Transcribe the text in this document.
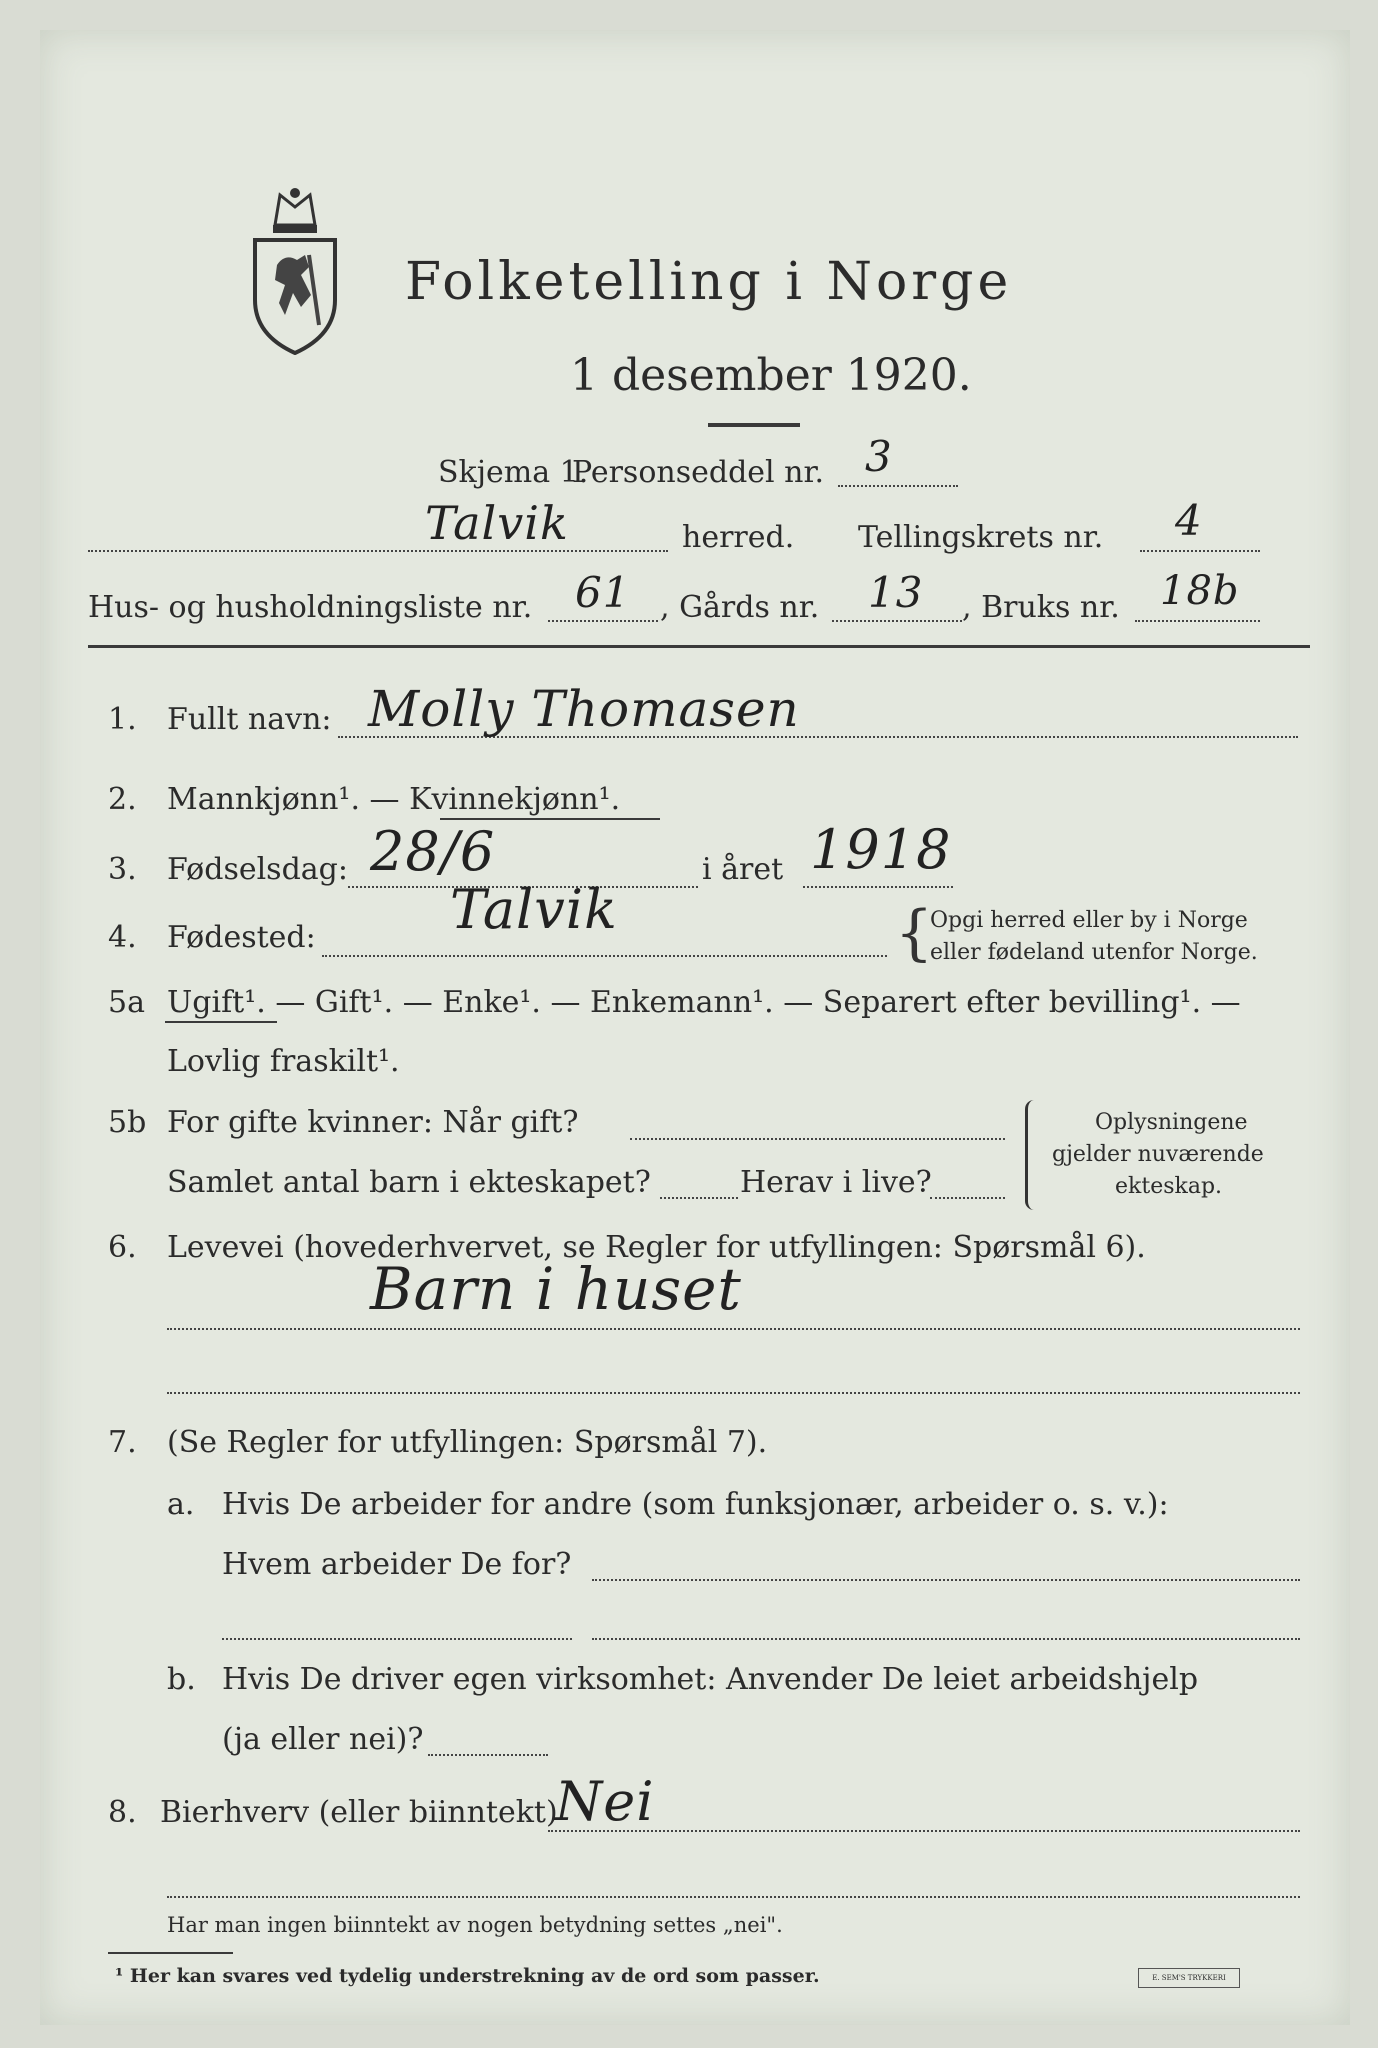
Folketelling i Norge
1 desember 1920.
Skjema 1.
Personseddel nr. 3
Talvik	herred. Tellingskrets nr. 4
Hus- og husholdningsliste nr. 61 , Gårds nr. 13 , Bruks nr. 18b
1. Fullt navn: Molly Thomasen
2. Mannkjønn¹. — Kvinnekjønn¹.
3. Fødselsdag: 28/6	i året 1918
4. Fødested: Talvik	{
Opgi herred eller by i Norge
eller fødeland utenfor Norge.
5a Ugift¹. — Gift¹. — Enke¹. — Enkemann¹. — Separert efter bevilling¹. —
Lovlig fraskilt¹.
5b For gifte kvinner: Når gift?
Samlet antal barn i ekteskapet?	Herav i live?
Oplysningene
gjelder nuværende
ekteskap.
6. Levevei (hovederhvervet, se Regler for utfyllingen: Spørsmål 6).
Barn i huset
7. (Se Regler for utfyllingen: Spørsmål 7).
a. Hvis De arbeider for andre (som funksjonær, arbeider o. s. v.):
Hvem arbeider De for?
b. Hvis De driver egen virksomhet: Anvender De leiet arbeidshjelp
(ja eller nei)?
8. Bierhverv (eller biinntekt)
Nei
Har man ingen biinntekt av nogen betydning settes „nei".
¹ Her kan svares ved tydelig understrekning av de ord som passer.	E. SEM'S TRYKKERI
